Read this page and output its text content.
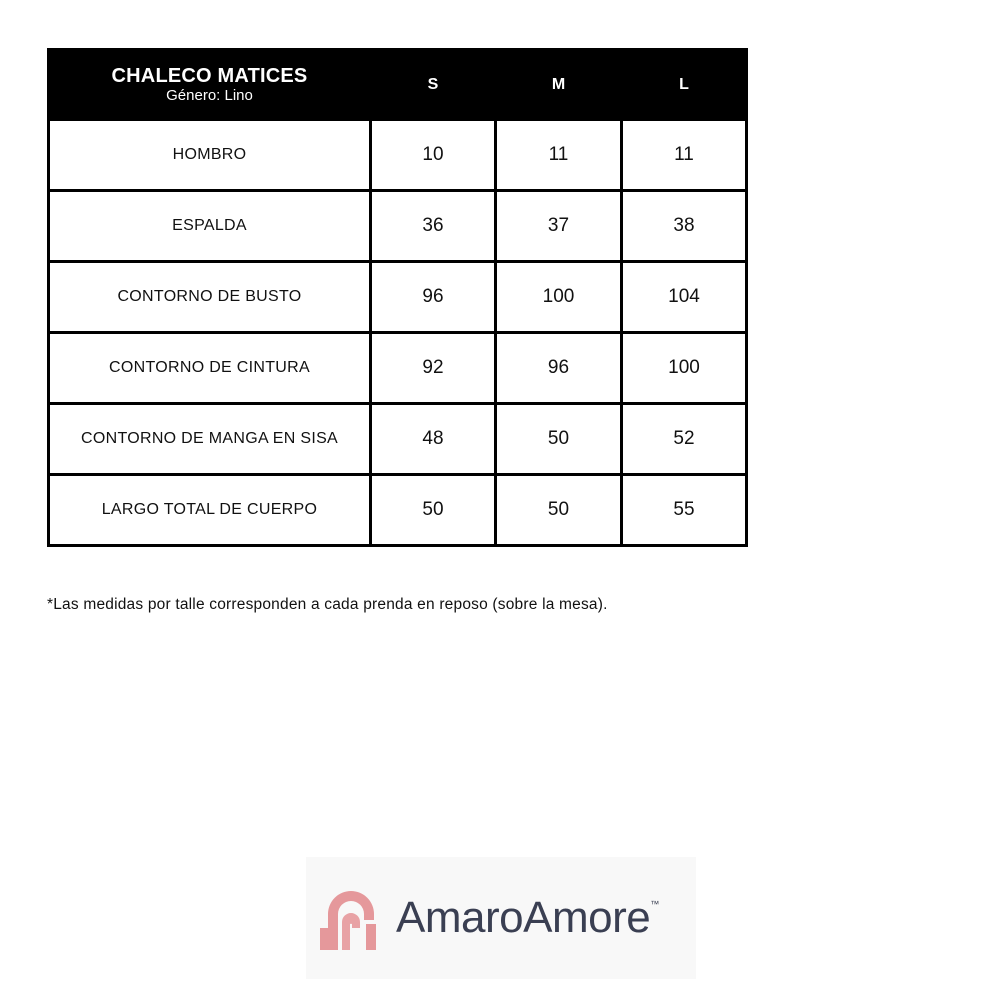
CHALECO MATICES
Género: Lino	S	M	L
HOMBRO	10	11	11
ESPALDA	36	37	38
CONTORNO DE BUSTO	96	100	104
CONTORNO DE CINTURA	92	96	100
CONTORNO DE MANGA EN SISA	48	50	52
LARGO TOTAL DE CUERPO	50	50	55
*Las medidas por talle corresponden a cada prenda en reposo (sobre la mesa).
AmaroAmore™
